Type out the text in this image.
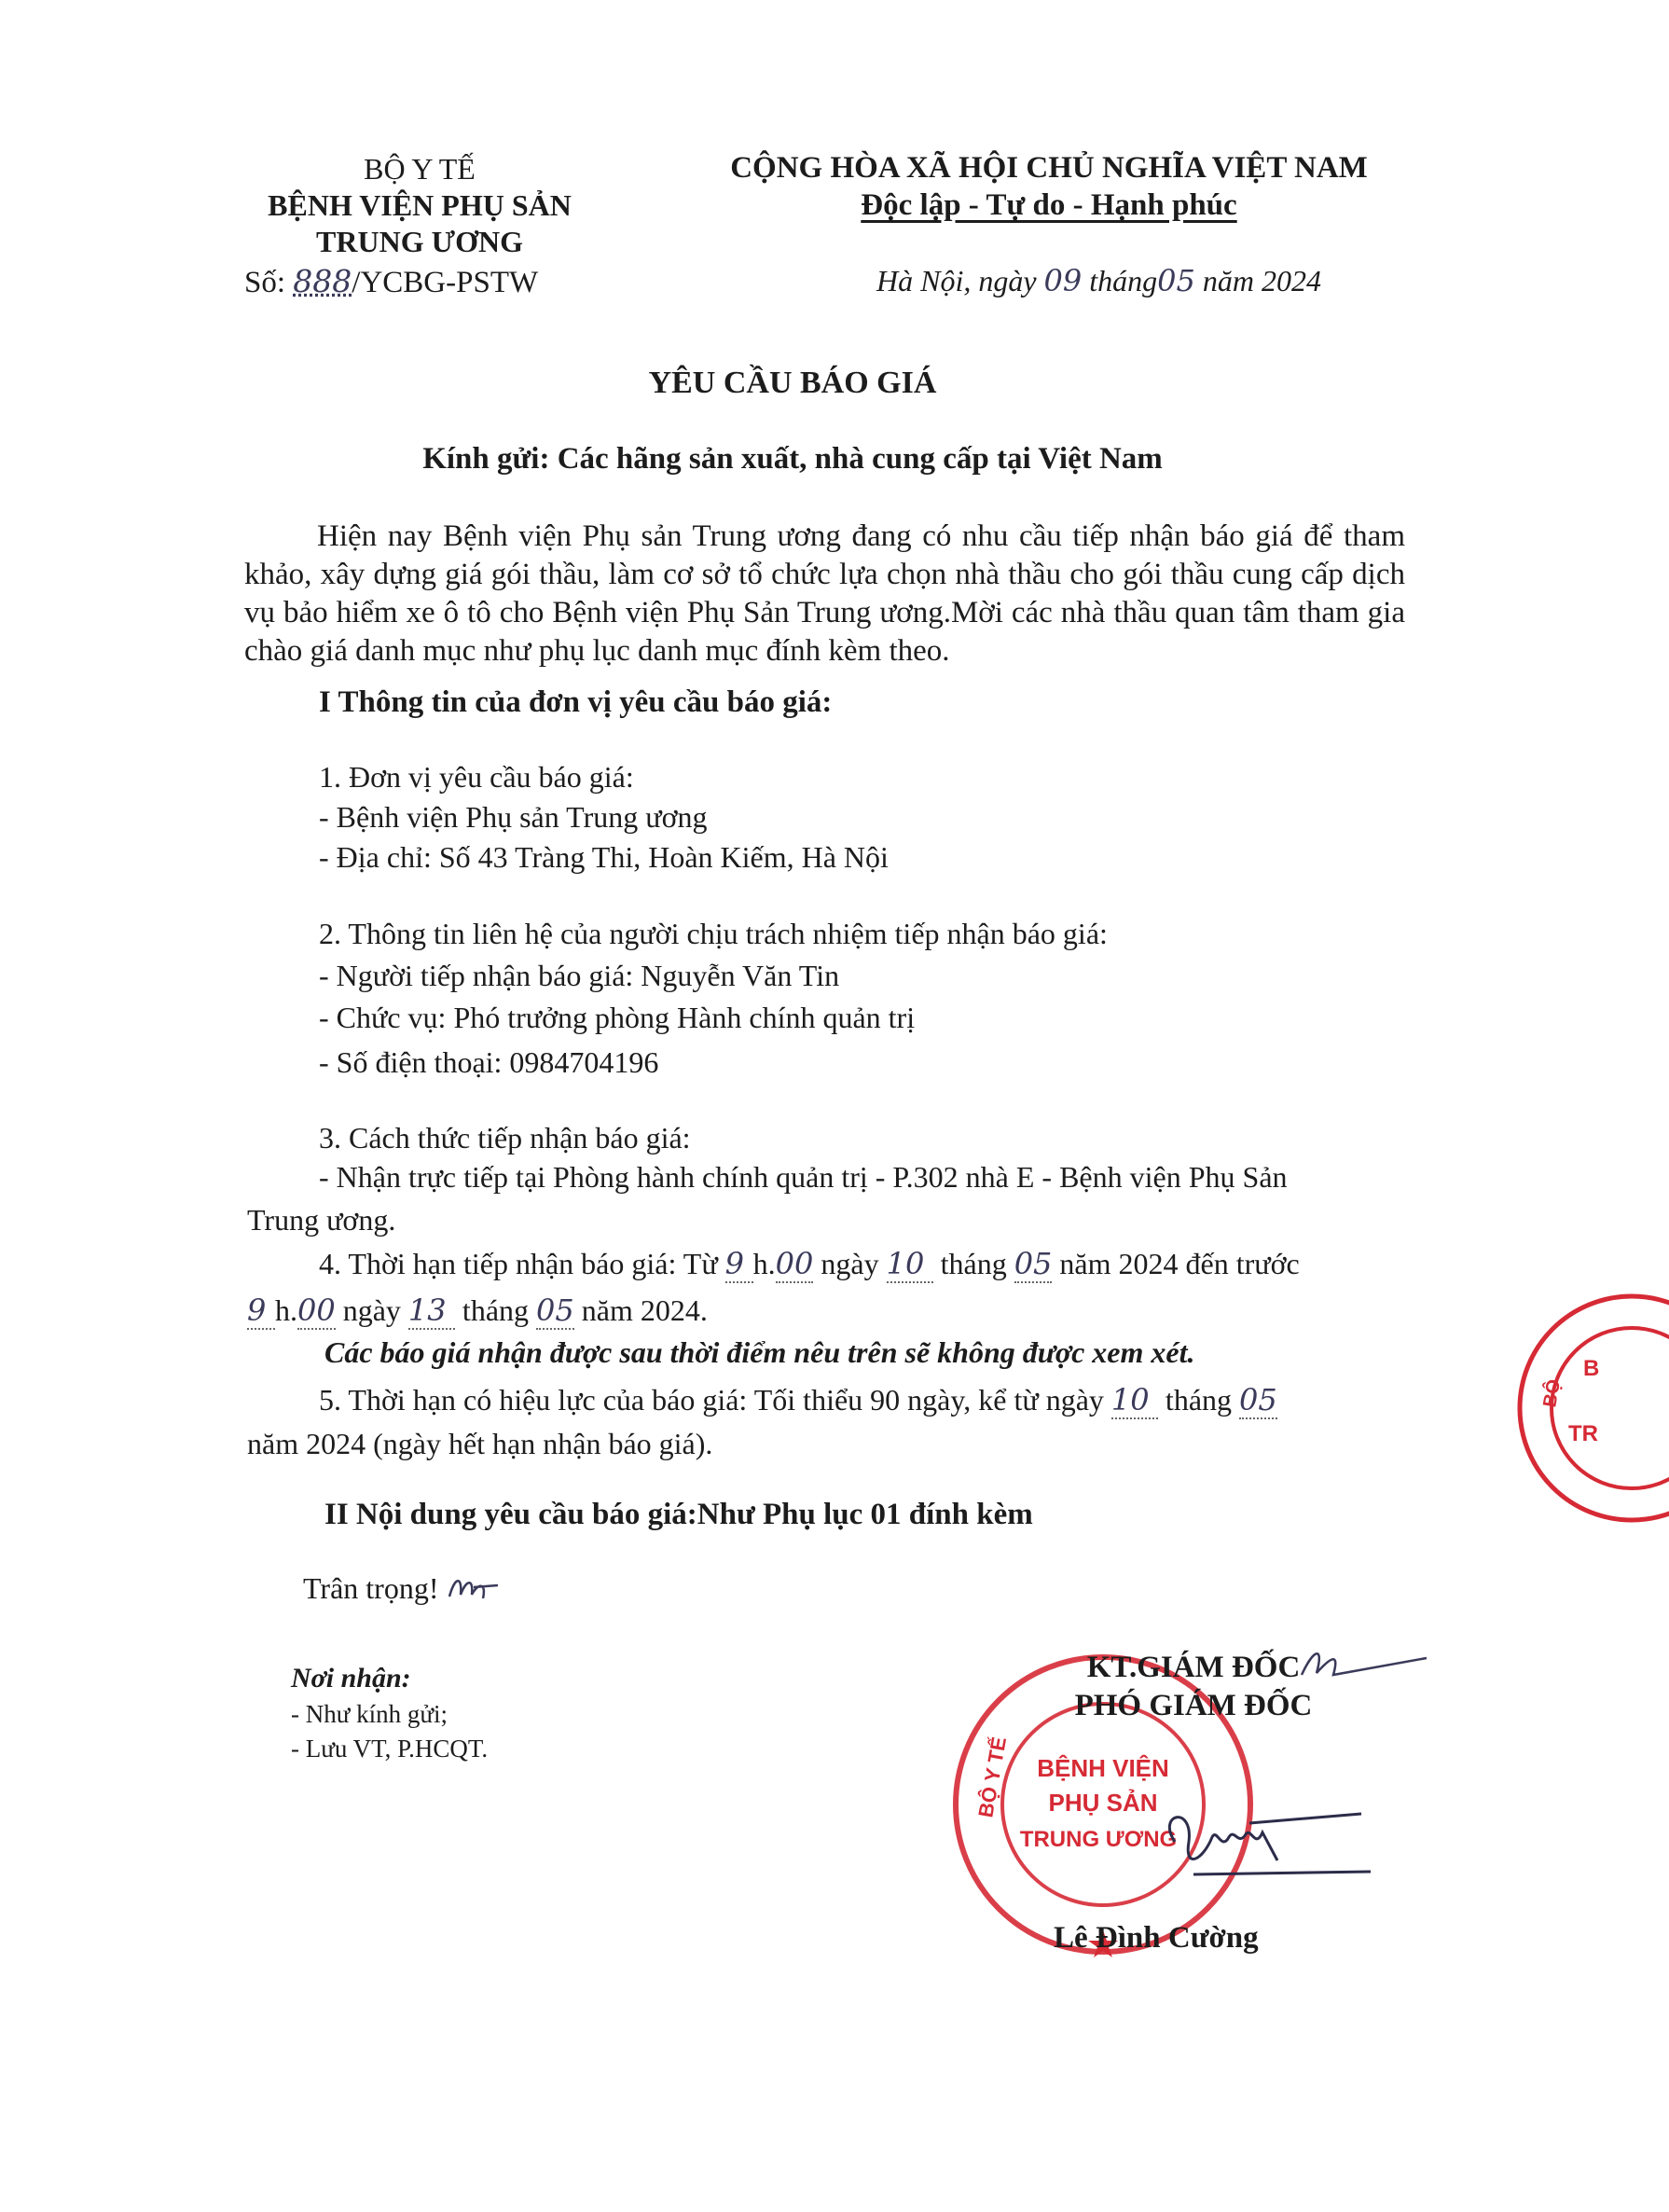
BỘ Y TẾ
BỆNH VIỆN PHỤ SẢN
TRUNG ƯƠNG
Số: 888/YCBG-PSTW
CỘNG HÒA XÃ HỘI CHỦ NGHĨA VIỆT NAM
Độc lập - Tự do - Hạnh phúc
Hà Nội, ngày 09 tháng05 năm 2024
YÊU CẦU BÁO GIÁ
Kính gửi: Các hãng sản xuất, nhà cung cấp tại Việt Nam
Hiện nay Bệnh viện Phụ sản Trung ương đang có nhu cầu tiếp nhận báo giá để tham khảo, xây dựng giá gói thầu, làm cơ sở tổ chức lựa chọn nhà thầu cho gói thầu cung cấp dịch vụ bảo hiểm xe ô tô cho Bệnh viện Phụ Sản Trung ương.Mời các nhà thầu quan tâm tham gia chào giá danh mục như phụ lục danh mục đính kèm theo.
I Thông tin của đơn vị yêu cầu báo giá:
1. Đơn vị yêu cầu báo giá:
- Bệnh viện Phụ sản Trung ương
- Địa chỉ: Số 43 Tràng Thi, Hoàn Kiếm, Hà Nội
2. Thông tin liên hệ của người chịu trách nhiệm tiếp nhận báo giá:
- Người tiếp nhận báo giá: Nguyễn Văn Tin
- Chức vụ: Phó trưởng phòng Hành chính quản trị
- Số điện thoại: 0984704196
3. Cách thức tiếp nhận báo giá:
- Nhận trực tiếp tại Phòng hành chính quản trị - P.302 nhà E - Bệnh viện Phụ Sản
Trung ương.
4. Thời hạn tiếp nhận báo giá: Từ 9 h.00 ngày 10 tháng 05 năm 2024 đến trước
9 h.00 ngày 13 tháng 05 năm 2024.
Các báo giá nhận được sau thời điểm nêu trên sẽ không được xem xét.
5. Thời hạn có hiệu lực của báo giá: Tối thiểu 90 ngày, kể từ ngày 10 tháng 05
năm 2024 (ngày hết hạn nhận báo giá).
II Nội dung yêu cầu báo giá:Như Phụ lục 01 đính kèm
Trân trọng!
Nơi nhận:
- Như kính gửi;
- Lưu VT, P.HCQT.	BỘ Y TẾ BỆNH VIỆN
PHỤ SẢN
TRUNG ƯƠNG
BỘ
TR
B
KT.GIÁM ĐỐC
PHÓ GIÁM ĐỐC
Lê Đình Cường
